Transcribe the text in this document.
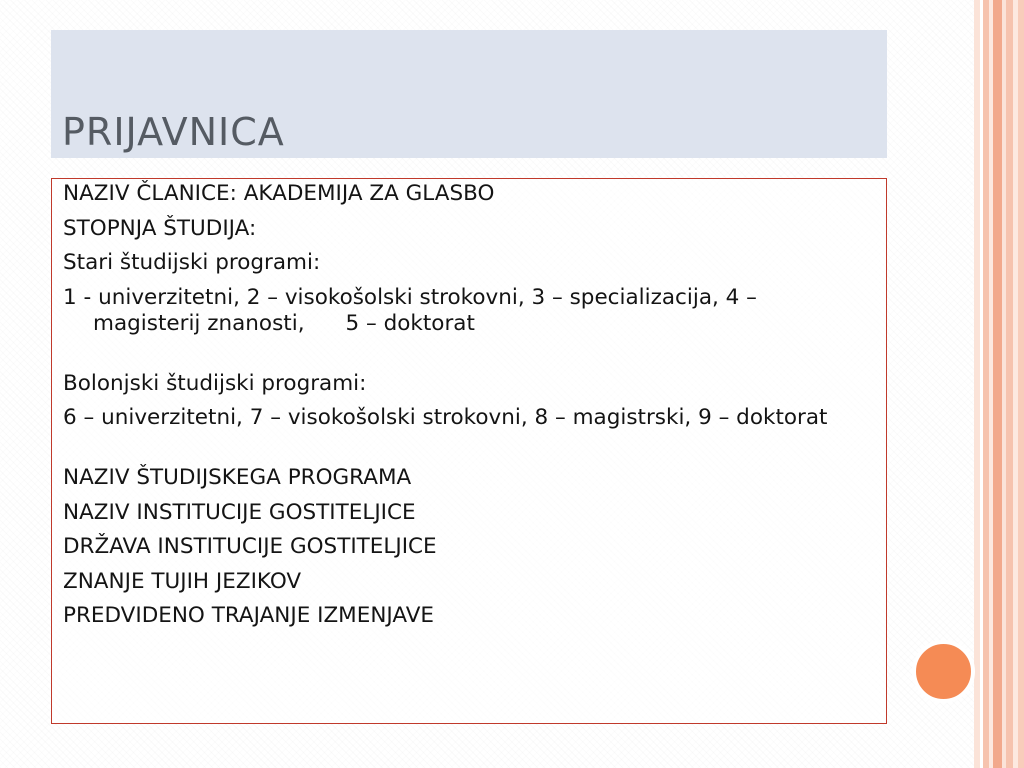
PRIJAVNICA
NAZIV ČLANICE: AKADEMIJA ZA GLASBO
STOPNJA ŠTUDIJA:
Stari študijski programi:
1 - univerzitetni, 2 – visokošolski strokovni, 3 – specializacija, 4 – magisterij znanosti,      5 – doktorat
Bolonjski študijski programi:
6 – univerzitetni, 7 – visokošolski strokovni, 8 – magistrski, 9 – doktorat
NAZIV ŠTUDIJSKEGA PROGRAMA
NAZIV INSTITUCIJE GOSTITELJICE
DRŽAVA INSTITUCIJE GOSTITELJICE
ZNANJE TUJIH JEZIKOV
PREDVIDENO TRAJANJE IZMENJAVE
